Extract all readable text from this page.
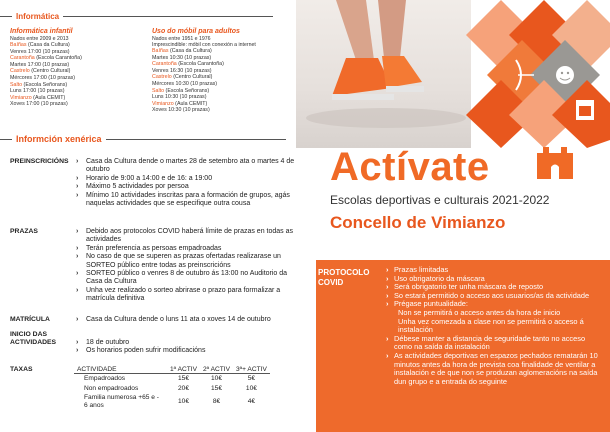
Informática
Informática infantil
Nados entre 2009 e 2013
Baíñas (Casa da Cultura)
Venres 17:00 (10 prazas)
Carantoña (Escola Carantoña)
Martes 17:00 (10 prazas)
Castrelo (Centro Cultural)
Mércores 17:00 (10 prazas)
Salto (Escola Señorans)
Luns 17:00 (10 prazas)
Vimianzo (Aula CEMIT)
Xoves 17:00 (10 prazas)
Uso do móbil para adultos
Nados entre 1951 e 1976
Imprescindible: móbil con conexión a internet
Baíñas (Casa da Cultura)
Martes 10:30 (10 prazas)
Carantoña (Escola Carantoña)
Venres 16:30 (10 prazas)
Castrelo (Centro Cultural)
Mércores 10:30 (10 prazas)
Salto (Escola Señorans)
Luns 10:30 (10 prazas)
Vimianzo (Aula CEMIT)
Xoves 10:30 (10 prazas)
Informción xenérica
PREINSCRICIÓNS	› Casa da Cultura dende o martes 28 de setembro ata o martes 4 de outubro
› Horario de 9:00 a 14:00 e de 16: a 19:00
› Máximo 5 actividades por persoa
› Mínimo 10 actividades inscritas para a formación de grupos, agás naquelas actividades que se especifique outra cousa
PRAZAS	› Debido aos protocolos COVID haberá límite de prazas en todas as actividades
› Terán preferencia as persoas empadroadas
› No caso de que se superen as prazas ofertadas realizarase un SORTEO público entre todas as preinscricións
› SORTEO público o venres 8 de outubro ás 13:00 no Auditorio da Casa da Cultura
› Unha vez realizado o sorteo abrirase o prazo para formalizar a matrícula definitiva
MATRÍCULA	› Casa da Cultura dende o luns 11 ata o xoves 14 de outubro
INICIO DAS ACTIVIDADES	› 18 de outubro
› Os horarios poden sufrir modificacións
TAXAS	ACTIVIDADE	1ª ACTIV	2ª ACTIV	3ª+ ACTIV
Empadroados	15€	10€	5€
Non empadroados	20€	15€	10€
Familia numerosa +65 e - 6 anos	10€	8€	4€
Actívate
Escolas deportivas e culturais 2021-2022
Concello de Vimianzo
PROTOCOLO COVID
› Prazas limitadas
› Uso obrigatorio da máscara
› Será obrigatorio ter unha máscara de reposto
› So estará permitido o acceso aos usuarios/as da actividade
› Prégase puntualidade:
Non se permitirá o acceso antes da hora de inicio
Unha vez comezada a clase non se permitirá o acceso á instalación
› Débese manter a distancia de seguridade tanto no acceso como na saída da instalación
› As actividades deportivas en espazos pechados rematarán 10 minutos antes da hora de prevista coa finalidade de ventilar a instalación e de que non se produzan aglomeracións na saída dun grupo e a entrada do seguinte
